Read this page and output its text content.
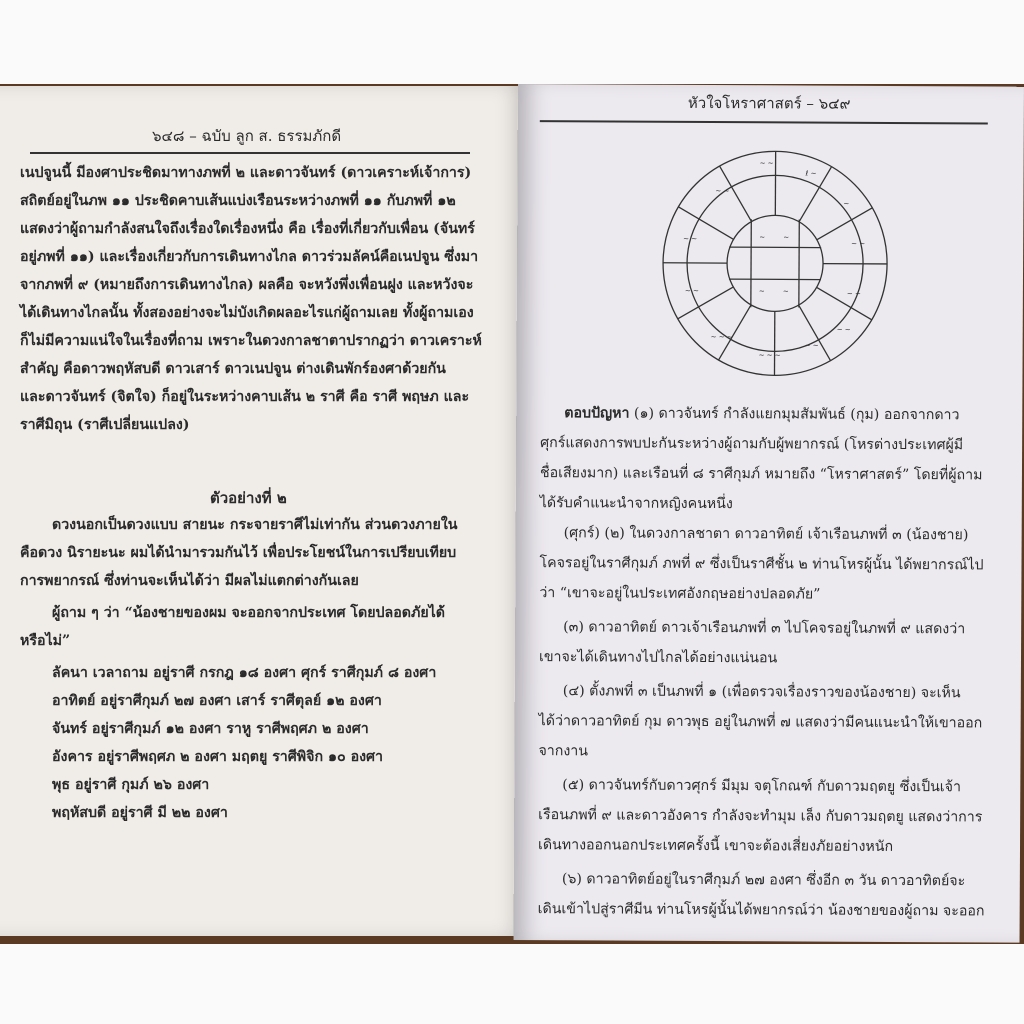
๖๔๘ – ฉบับ ลูก ส. ธรรมภักดี
เนปจูนนี้ มีองศาประชิดมาทางภพที่ ๒ และดาวจันทร์ (ดาวเคราะห์เจ้าการ)
สถิตย์อยู่ในภพ ๑๑ ประชิดคาบเส้นแบ่งเรือนระหว่างภพที่ ๑๑ กับภพที่ ๑๒
แสดงว่าผู้ถามกำลังสนใจถึงเรื่องใดเรื่องหนึ่ง คือ เรื่องที่เกี่ยวกับเพื่อน (จันทร์
อยู่ภพที่ ๑๑) และเรื่องเกี่ยวกับการเดินทางไกล ดาวร่วมลัคน์คือเนปจูน ซึ่งมา
จากภพที่ ๙ (หมายถึงการเดินทางไกล) ผลคือ จะหวังพึ่งเพื่อนฝูง และหวังจะ
ได้เดินทางไกลนั้น ทั้งสองอย่างจะไม่บังเกิดผลอะไรแก่ผู้ถามเลย ทั้งผู้ถามเอง
ก็ไม่มีความแน่ใจในเรื่องที่ถาม เพราะในดวงกาลชาตาปรากฏว่า ดาวเคราะห์
สำคัญ คือดาวพฤหัสบดี ดาวเสาร์ ดาวเนปจูน ต่างเดินพักร์องศาด้วยกัน
และดาวจันทร์ (จิตใจ) ก็อยู่ในระหว่างคาบเส้น ๒ ราศี คือ ราศี พฤษภ และ
ราศีมิถุน (ราศีเปลี่ยนแปลง)
ตัวอย่างที่ ๒
ดวงนอกเป็นดวงแบบ สายนะ กระจายราศีไม่เท่ากัน ส่วนดวงภายใน
คือดวง นิรายะนะ ผมได้นำมารวมกันไว้ เพื่อประโยชน์ในการเปรียบเทียบ
การพยากรณ์ ซึ่งท่านจะเห็นได้ว่า มีผลไม่แตกต่างกันเลย
ผู้ถาม ๆ ว่า “น้องชายของผม จะออกจากประเทศ โดยปลอดภัยได้
หรือไม่”
ลัคนา เวลาถาม อยู่ราศี กรกฎ ๑๘ องศา ศุกร์ ราศีกุมภ์ ๘ องศา
อาทิตย์ อยู่ราศีกุมภ์ ๒๗ องศา เสาร์ ราศีตุลย์ ๑๒ องศา
จันทร์ อยู่ราศีกุมภ์ ๑๒ องศา ราหู ราศีพฤศภ ๒ องศา
อังคาร อยู่ราศีพฤศภ ๒ องศา มฤตยู ราศีพิจิก ๑๐ องศา
พุธ อยู่ราศี กุมภ์ ๒๖ องศา
พฤหัสบดี อยู่ราศี มี ๒๒ องศา
หัวใจโหราศาสตร์ – ๖๔๙
~ ~
ℓ ~
~ ~
~
~ ~
~ ~
~ ~	~ ~
~ ~ ~
~ ~ ~
~ ~
~ ~
~	~
~	~
ตอบปัญหา (๑) ดาวจันทร์ กำลังแยกมุมสัมพันธ์ (กุม) ออกจากดาว
ศุกร์แสดงการพบปะกันระหว่างผู้ถามกับผู้พยากรณ์ (โหรต่างประเทศผู้มี
ชื่อเสียงมาก) และเรือนที่ ๘ ราศีกุมภ์ หมายถึง “โหราศาสตร์” โดยที่ผู้ถาม
ได้รับคำแนะนำจากหญิงคนหนึ่ง
(ศุกร์) (๒) ในดวงกาลชาตา ดาวอาทิตย์ เจ้าเรือนภพที่ ๓ (น้องชาย)
โคจรอยู่ในราศีกุมภ์ ภพที่ ๙ ซึ่งเป็นราศีชั้น ๒ ท่านโหรผู้นั้น ได้พยากรณ์ไป
ว่า “เขาจะอยู่ในประเทศอังกฤษอย่างปลอดภัย”
(๓) ดาวอาทิตย์ ดาวเจ้าเรือนภพที่ ๓ ไปโคจรอยู่ในภพที่ ๙ แสดงว่า
เขาจะได้เดินทางไปไกลได้อย่างแน่นอน
(๔) ตั้งภพที่ ๓ เป็นภพที่ ๑ (เพื่อตรวจเรื่องราวของน้องชาย) จะเห็น
ได้ว่าดาวอาทิตย์ กุม ดาวพุธ อยู่ในภพที่ ๗ แสดงว่ามีคนแนะนำให้เขาออก
จากงาน
(๕) ดาวจันทร์กับดาวศุกร์ มีมุม จตุโกณฑ์ กับดาวมฤตยู ซึ่งเป็นเจ้า
เรือนภพที่ ๙ และดาวอังคาร กำลังจะทำมุม เล็ง กับดาวมฤตยู แสดงว่าการ
เดินทางออกนอกประเทศครั้งนี้ เขาจะต้องเสี่ยงภัยอย่างหนัก
(๖) ดาวอาทิตย์อยู่ในราศีกุมภ์ ๒๗ องศา ซึ่งอีก ๓ วัน ดาวอาทิตย์จะ
เดินเข้าไปสู่ราศีมีน ท่านโหรผู้นั้นได้พยากรณ์ว่า น้องชายของผู้ถาม จะออก
